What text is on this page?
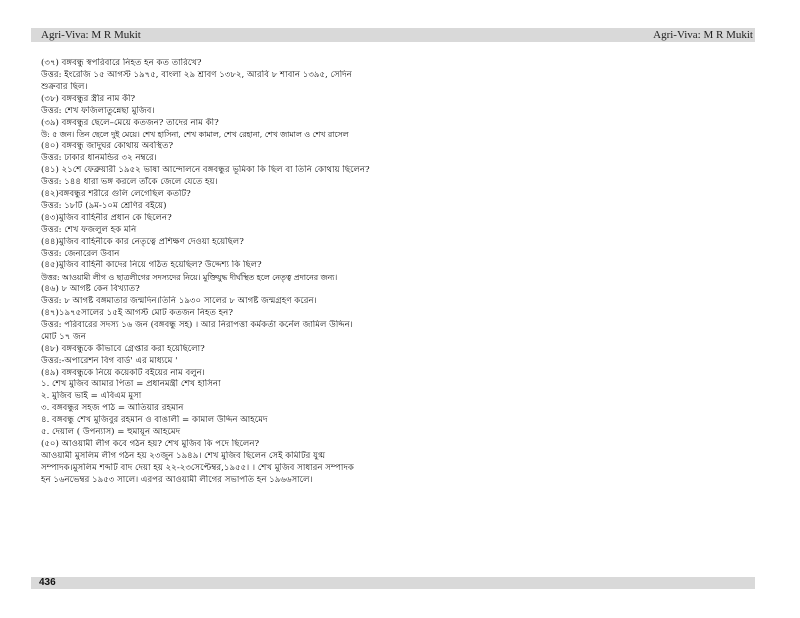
Agri-Viva: M R Mukit	Agri-Viva: M R Mukit
(৩৭) বঙ্গবন্ধু স্বপরিবারে নিহত হন কত তারিখে?
উত্তর: ইংরেজি ১৫ আগস্ট ১৯৭৫, বাংলা ২৯ শ্রাবণ ১৩৮২, আরবি ৮ শাবান ১৩৯৫, সেদিন
শুক্রবার ছিল।
(৩৮) বঙ্গবন্ধুর স্ত্রীর নাম কী?
উত্তর: শেখ ফজিলাতুন্নেছা মুজিব।
(৩৯) বঙ্গবন্ধুর ছেলে–মেয়ে কতজন? তাদের নাম কী?
উ: ৫ জন। তিন ছেলে দুই মেয়ে। শেখ হাসিনা, শেখ কামাল, শেখ রেহানা, শেখ জামাল ও শেখ রাসেল
(৪০) বঙ্গবন্ধু জাদুঘর কোথায় অবস্থিত?
উত্তর: ঢাকার ধানমন্ডির ৩২ নম্বরে।
(৪১) ২১শে ফেব্রুয়ারী ১৯৫২ ভাষা আন্দোলনে বঙ্গবন্ধুর ভূমিকা কি ছিল বা তিনি কোথায় ছিলেন?
উত্তর: ১৪৪ ধারা ভঙ্গ করলে তাঁকে জেলে যেতে হয়।
(৪২)বঙ্গবন্ধুর শরীরে গুলি লেগেছিল কতটি?
উত্তর: ১৮টি (৯ম-১০ম শ্রেণির বইয়ে)
(৪৩)মুজিব বাহিনীর প্রধান কে ছিলেন?
উত্তর: শেখ ফজলুল হক মনি
(৪৪)মুজিব বাহিনীকে কার নেতৃত্বে প্রশিক্ষণ দেওয়া হয়েছিল?
উত্তর: জেনারেল উবান
(৪৫)মুজিব বাহিনী কাদের নিয়ে গঠিত হয়েছিল? উদ্দেশ্য কি ছিল?
উত্তর: আওয়ামী লীগ ও ছাত্রলীগের সদস্যদের নিয়ে। মুক্তিযুদ্ধ দীর্ঘস্থিত হলে নেতৃত্ব প্রদানের জন্য।
(৪৬) ৮ আগষ্ট কেন বিখ্যাত?
উত্তর: ৮ আগষ্ট বঙ্গমাতার জন্মদিন।তিনি ১৯৩০ সালের ৮ আগষ্ট জন্মগ্রহণ করেন।
(৪৭)১৯৭৫সালের ১৫ই আগস্ট মোট কতজন নিহত হন?
উত্তর: পরিবারের সদস্য ১৬ জন (বঙ্গবন্ধু সহ) । আর নিরাপত্তা কর্মকর্তা কর্নেল জামিল উদ্দিন।
মোট ১৭ জন
(৪৮) বঙ্গবন্ধুকে কীভাবে গ্রেপ্তার করা হয়েছিলো?
উত্তর:-অপারেশন বিগ বার্ড' এর মাধ্যমে '
(৪৯) বঙ্গবন্ধুকে নিয়ে কয়েকটি বইয়ের নাম বলুন।
১. শেখ মুজিব আমার পিতা = প্রধানমন্ত্রী শেখ হাসিনা
২. মুজিব ভাই = এবিএম মুসা
৩. বঙ্গবন্ধুর সহজ পাঠ = আতিয়ার রহমান
৪. বঙ্গবন্ধু শেখ মুজিবুর রহমান ও বাঙালী = কামাল উদ্দিন আহমেদ
৫. দেয়াল ( উপন্যাস) = হুমায়ূন আহমেদ
(৫০) আওয়ামী লীগ কবে গঠন হয়? শেখ মুজিব কি পদে ছিলেন?
আওয়ামী মুসলিম লীগ গঠন হয় ২৩জুন ১৯৪৯। শেখ মুজিব ছিলেন সেই কমিটির যুগ্ম
সম্পাদক।মুসলিম শব্দটি বাদ দেয়া হয় ২২-২৩সেপ্টেম্বর,১৯৫৫। । শেখ মুজিব সাধারন সম্পাদক
হন ১৬নভেম্বর ১৯৫৩ সালে। এরপর আওয়ামী লীগের সভাপতি হন ১৯৬৬সালে।
436
